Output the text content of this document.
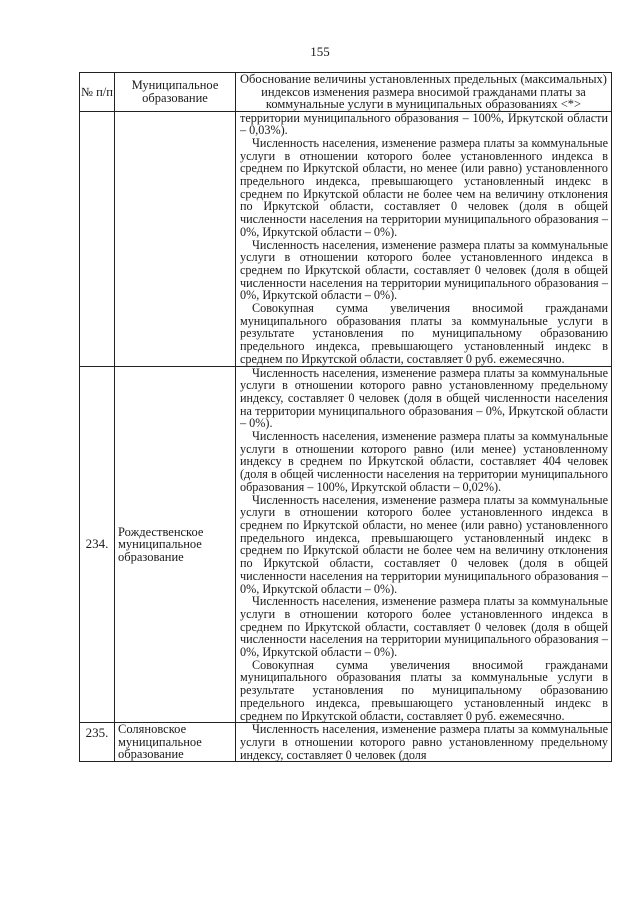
155
№ п/п	Муниципальное образование	Обоснование величины установленных предельных (максимальных) индексов изменения размера вносимой гражданами платы за коммунальные услуги в муниципальных образованиях <*>

		территории муниципального образования – 100%, Иркутской области – 0,03%).
Численность населения, изменение размера платы за коммунальные услуги в отношении которого более установленного индекса в среднем по Иркутской области, но менее (или равно) установленного предельного индекса, превышающего установленный индекс в среднем по Иркутской области не более чем на величину отклонения по Иркутской области, составляет 0 человек (доля в общей численности населения на территории муниципального образования – 0%, Иркутской области – 0%).
Численность населения, изменение размера платы за коммунальные услуги в отношении которого более установленного индекса в среднем по Иркутской области, составляет 0 человек (доля в общей численности населения на территории муниципального образования – 0%, Иркутской области – 0%).
Совокупная сумма увеличения вносимой гражданами муниципального образования платы за коммунальные услуги в результате установления по муниципальному образованию предельного индекса, превышающего установленный индекс в среднем по Иркутской области, составляет 0 руб. ежемесячно.

234.	Рождественское муниципальное образование	Численность населения, изменение размера платы за коммунальные услуги в отношении которого равно установленному предельному индексу, составляет 0 человек (доля в общей численности населения на территории муниципального образования – 0%, Иркутской области – 0%).
Численность населения, изменение размера платы за коммунальные услуги в отношении которого равно (или менее) установленному индексу в среднем по Иркутской области, составляет 404 человек (доля в общей численности населения на территории муниципального образования – 100%, Иркутской области – 0,02%).
Численность населения, изменение размера платы за коммунальные услуги в отношении которого более установленного индекса в среднем по Иркутской области, но менее (или равно) установленного предельного индекса, превышающего установленный индекс в среднем по Иркутской области не более чем на величину отклонения по Иркутской области, составляет 0 человек (доля в общей численности населения на территории муниципального образования – 0%, Иркутской области – 0%).
Численность населения, изменение размера платы за коммунальные услуги в отношении которого более установленного индекса в среднем по Иркутской области, составляет 0 человек (доля в общей численности населения на территории муниципального образования – 0%, Иркутской области – 0%).
Совокупная сумма увеличения вносимой гражданами муниципального образования платы за коммунальные услуги в результате установления по муниципальному образованию предельного индекса, превышающего установленный индекс в среднем по Иркутской области, составляет 0 руб. ежемесячно.

235.	Соляновское муниципальное образование	Численность населения, изменение размера платы за коммунальные услуги в отношении которого равно установленному предельному индексу, составляет 0 человек (доля
